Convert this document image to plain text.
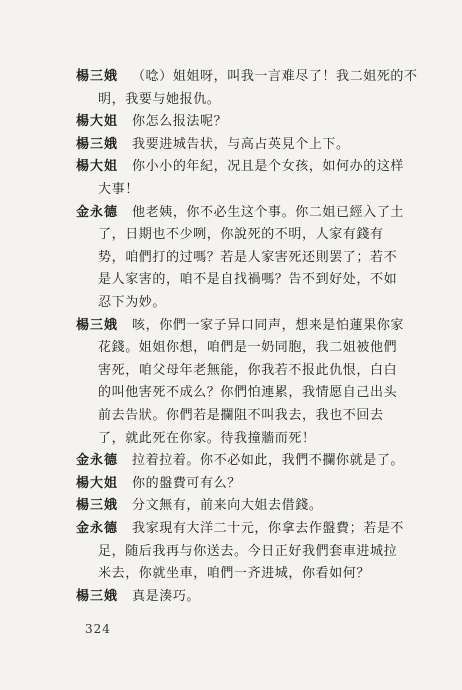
楊三娥 （唸）姐姐呀，叫我一言难尽了！我二姐死的不
明，我要与她报仇。
楊大姐 你怎么报法呢？
楊三娥 我要进城告状，与高占英見个上下。
楊大姐 你小小的年紀，况且是个女孩，如何办的这样
大事！
金永德 他老姨，你不必生这个事。你二姐已經入了土
了，日期也不少咧，你說死的不明，人家有錢有
势，咱們打的过嗎？若是人家害死还則罢了；若不
是人家害的，咱不是自找禍嗎？告不到好处，不如
忍下为妙。
楊三娥 咳，你們一家子异口同声，想来是怕蓮果你家
花錢。姐姐你想，咱們是一奶同胞，我二姐被他們
害死，咱父母年老無能，你我若不报此仇恨，白白
的叫他害死不成么？你們怕連累，我情愿自己出头
前去告狀。你們若是攔阻不叫我去，我也不回去
了，就此死在你家。待我撞牆而死！
金永德 拉着拉着。你不必如此，我們不攔你就是了。
楊大姐 你的盤費可有么？
楊三娥 分文無有，前来向大姐去借錢。
金永德 我家現有大洋二十元，你拿去作盤費；若是不
足，随后我再与你送去。今日正好我們套車进城拉
米去，你就坐車，咱們一齐进城，你看如何？
楊三娥 真是湊巧。
324
